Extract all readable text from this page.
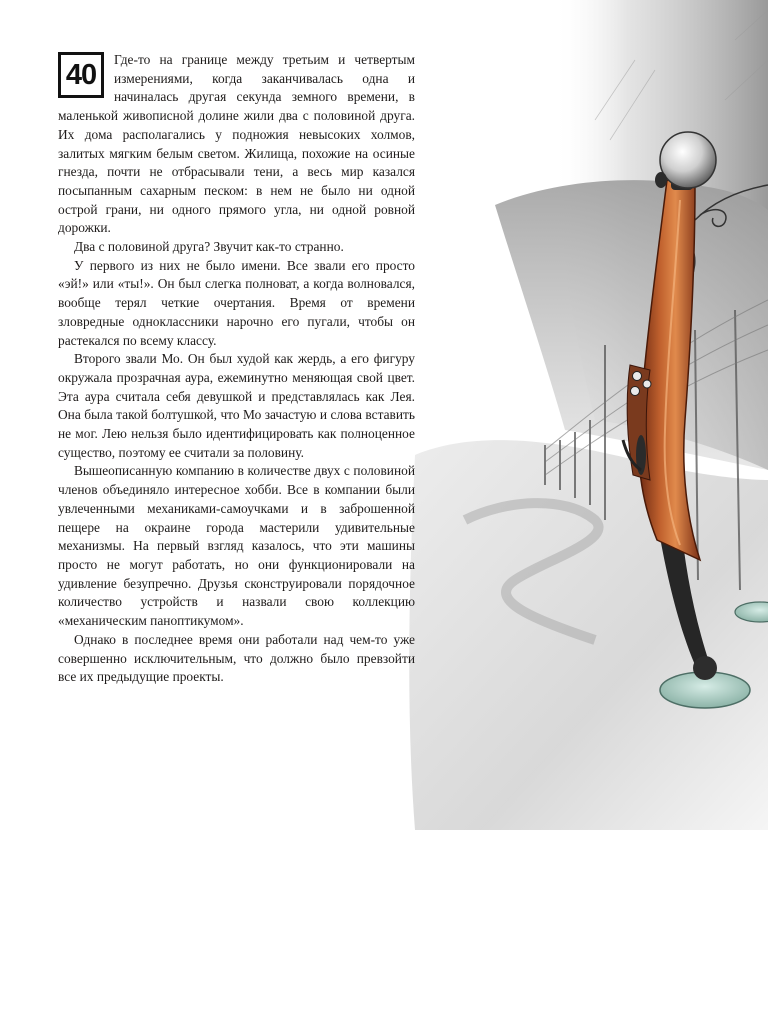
40	Где-то на границе между третьим и четвертым измерениями, когда заканчивалась одна и начиналась другая секунда земного времени, в маленькой живописной долине жили два с половиной друга. Их дома располагались у подножия невысоких холмов, залитых мягким белым светом. Жилища, похожие на осиные гнезда, почти не отбрасывали тени, а весь мир казался посыпанным сахарным песком: в нем не было ни одной острой грани, ни одного прямого угла, ни одной ровной дорожки.

Два с половиной друга? Звучит как-то странно.

У первого из них не было имени. Все звали его просто «эй!» или «ты!». Он был слегка полноват, а когда волновался, вообще терял четкие очертания. Время от времени зловредные одноклассники нарочно его пугали, чтобы он растекался по всему классу.

Второго звали Мо. Он был худой как жердь, а его фигуру окружала прозрачная аура, ежеминутно меняющая свой цвет. Эта аура считала себя девушкой и представлялась как Лея. Она была такой болтушкой, что Мо зачастую и слова вставить не мог. Лею нельзя было идентифицировать как полноценное существо, поэтому ее считали за половину.

Вышеописанную компанию в количестве двух с половиной членов объединяло интересное хобби. Все в компании были увлеченными механиками-самоучками и в заброшенной пещере на окраине города мастерили удивительные механизмы. На первый взгляд казалось, что эти машины просто не могут работать, но они функционировали на удивление безупречно. Друзья сконструировали порядочное количество устройств и назвали свою коллекцию «механическим паноптикумом».

Однако в последнее время они работали над чем-то уже совершенно исключительным, что должно было превзойти все их предыдущие проекты.
